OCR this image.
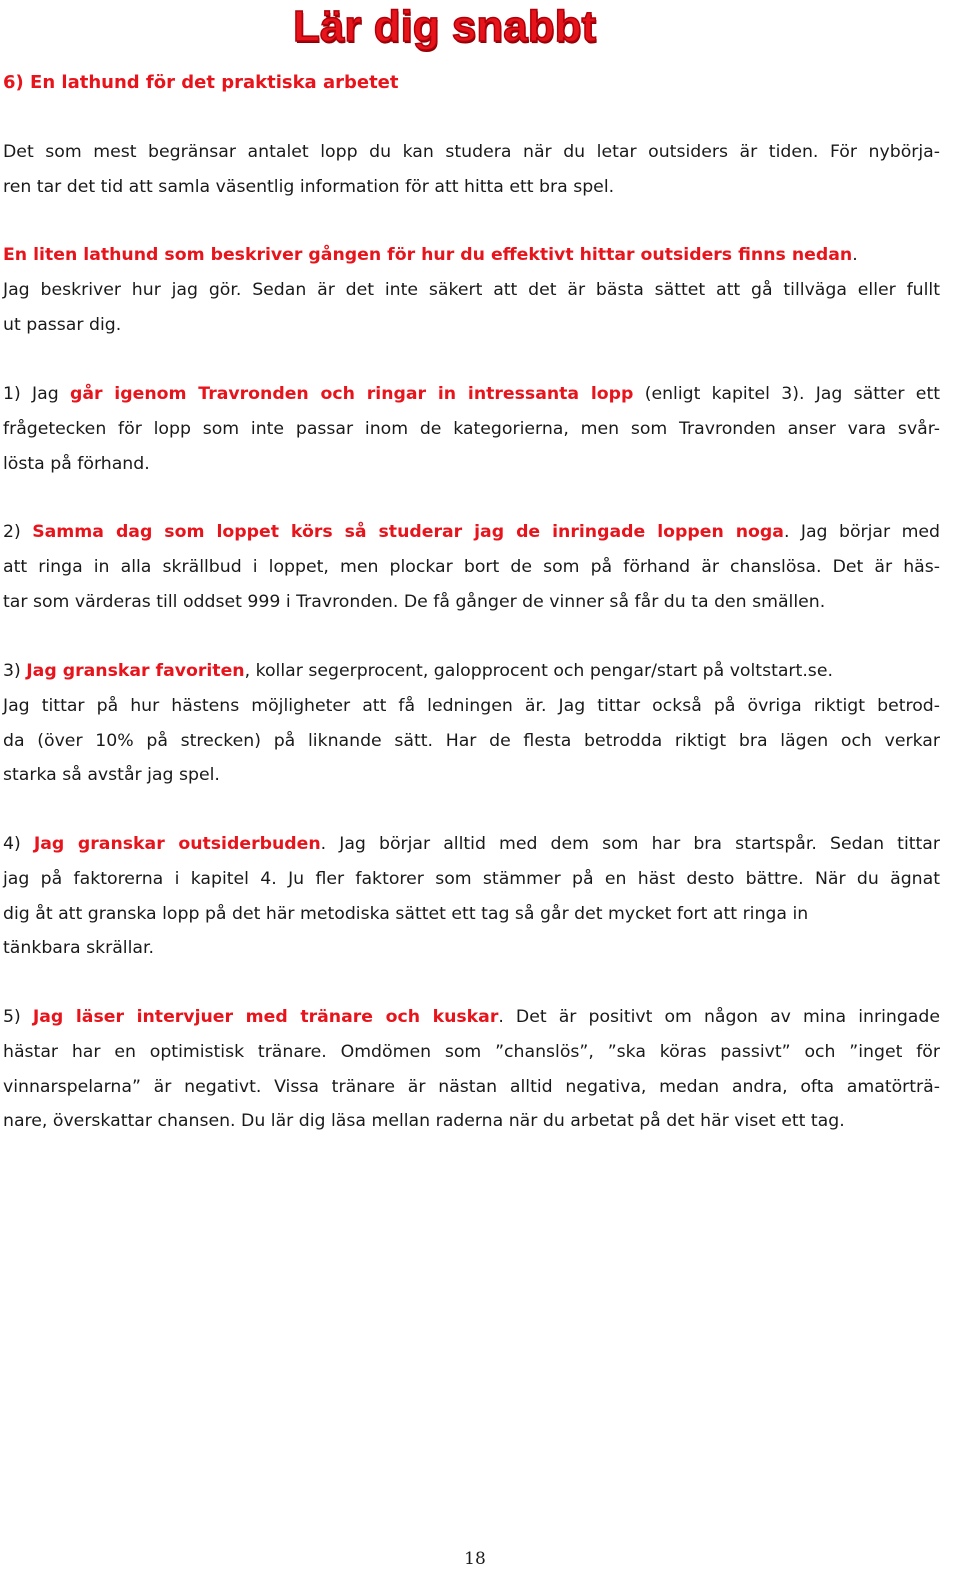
Lär dig snabbt
6) En lathund för det praktiska arbetet
Det som mest begränsar antalet lopp du kan studera när du letar outsiders är tiden. För nybörja-
ren tar det tid att samla väsentlig information för att hitta ett bra spel.
En liten lathund som beskriver gången för hur du effektivt hittar outsiders finns nedan.
Jag beskriver hur jag gör. Sedan är det inte säkert att det är bästa sättet att gå tillväga eller fullt
ut passar dig.
1) Jag går igenom Travronden och ringar in intressanta lopp (enligt kapitel 3). Jag sätter ett
frågetecken för lopp som inte passar inom de kategorierna, men som Travronden anser vara svår-
lösta på förhand.
2) Samma dag som loppet körs så studerar jag de inringade loppen noga. Jag börjar med
att ringa in alla skrällbud i loppet, men plockar bort de som på förhand är chanslösa. Det är häs-
tar som värderas till oddset 999 i Travronden. De få gånger de vinner så får du ta den smällen.
3) Jag granskar favoriten, kollar segerprocent, galopprocent och pengar/start på voltstart.se.
Jag tittar på hur hästens möjligheter att få ledningen är. Jag tittar också på övriga riktigt betrod-
da (över 10% på strecken) på liknande sätt. Har de flesta betrodda riktigt bra lägen och verkar
starka så avstår jag spel.
4) Jag granskar outsiderbuden. Jag börjar alltid med dem som har bra startspår. Sedan tittar
jag på faktorerna i kapitel 4. Ju fler faktorer som stämmer på en häst desto bättre. När du ägnat
dig åt att granska lopp på det här metodiska sättet ett tag så går det mycket fort att ringa in
tänkbara skrällar.
5) Jag läser intervjuer med tränare och kuskar. Det är positivt om någon av mina inringade
hästar har en optimistisk tränare. Omdömen som ”chanslös”, ”ska köras passivt” och ”inget för
vinnarspelarna” är negativt. Vissa tränare är nästan alltid negativa, medan andra, ofta amatörträ-
nare, överskattar chansen. Du lär dig läsa mellan raderna när du arbetat på det här viset ett tag.
18
